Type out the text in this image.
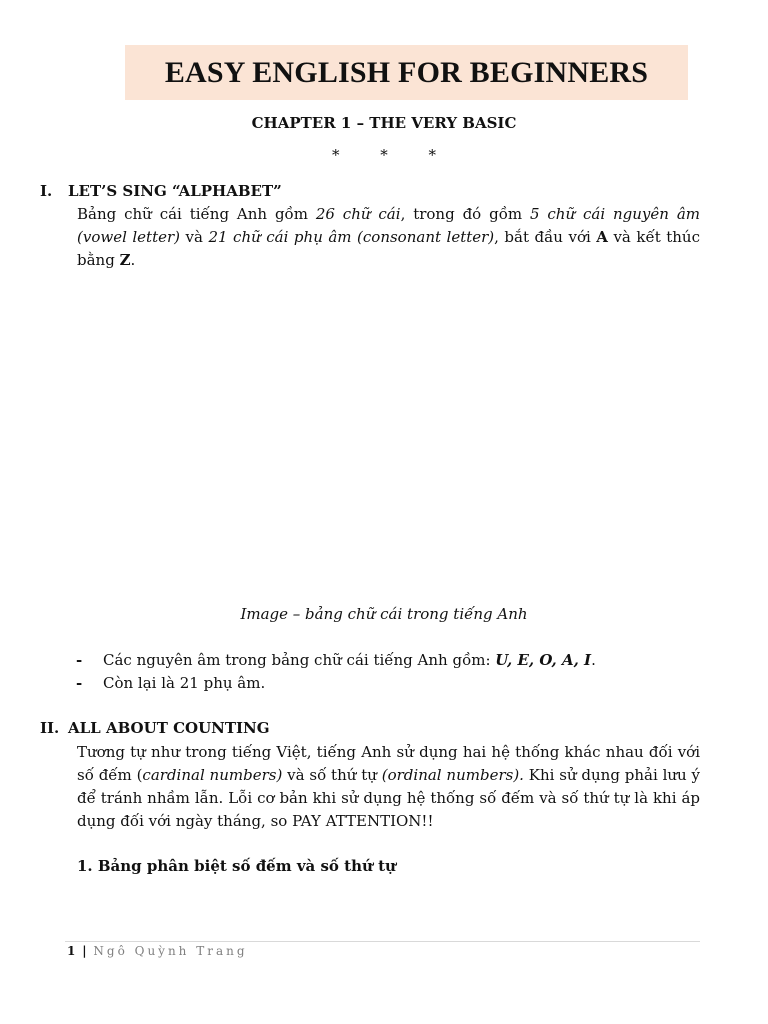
EASY ENGLISH FOR BEGINNERS
CHAPTER 1 – THE VERY BASIC
*	*	*
I. LET’S SING “ALPHABET”
Bảng chữ cái tiếng Anh gồm 26 chữ cái, trong đó gồm 5 chữ cái nguyên âm (vowel letter) và 21 chữ cái phụ âm (consonant letter), bắt đầu với A và kết thúc bằng Z.
Image – bảng chữ cái trong tiếng Anh
- Các nguyên âm trong bảng chữ cái tiếng Anh gồm: U, E, O, A, I.
- Còn lại là 21 phụ âm.
II. ALL ABOUT COUNTING
Tương tự như trong tiếng Việt, tiếng Anh sử dụng hai hệ thống khác nhau đối với số đếm (cardinal numbers) và số thứ tự (ordinal numbers). Khi sử dụng phải lưu ý để tránh nhầm lẫn. Lỗi cơ bản khi sử dụng hệ thống số đếm và số thứ tự là khi áp dụng đối với ngày tháng, so PAY ATTENTION!!
1. Bảng phân biệt số đếm và số thứ tự
1 | Ngô Quỳnh Trang
